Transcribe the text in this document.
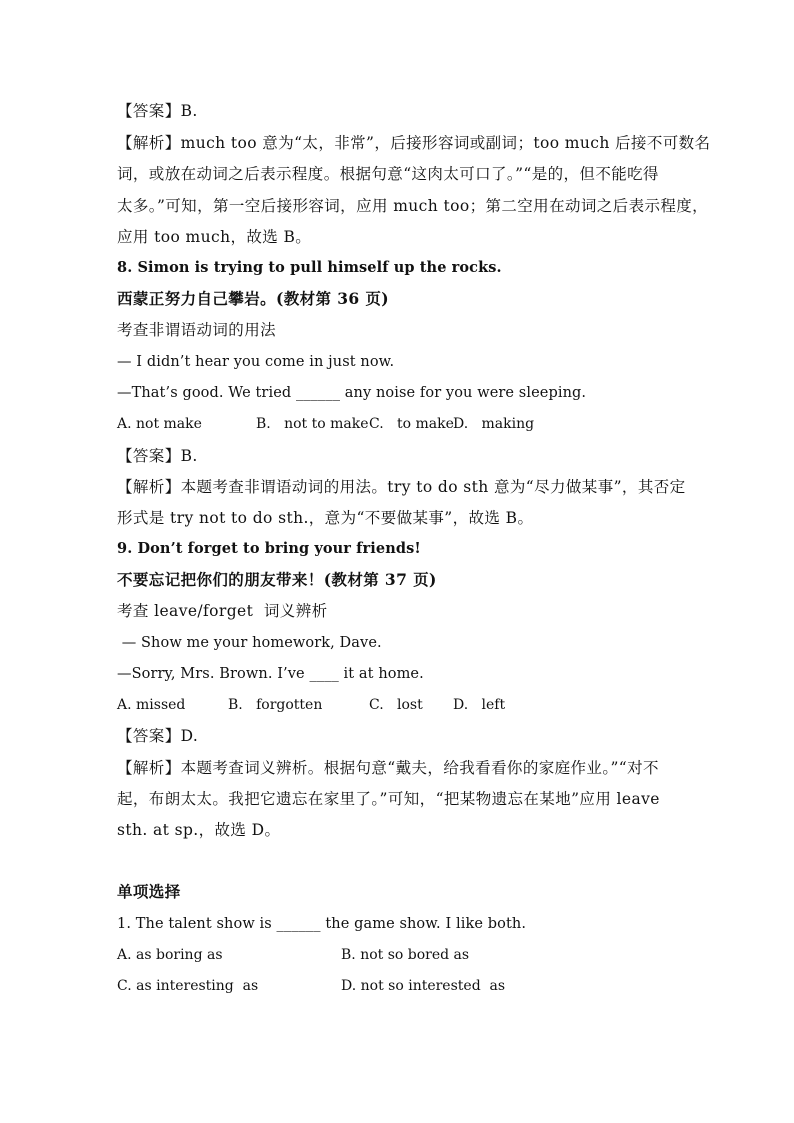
【答案】B.
【解析】much too 意为“太，非常”，后接形容词或副词；too much 后接不可数名
词，或放在动词之后表示程度。根据句意“这肉太可口了。”“是的，但不能吃得
太多。”可知，第一空后接形容词，应用 much too；第二空用在动词之后表示程度，
应用 too much，故选 B。
8. Simon is trying to pull himself up the rocks.
西蒙正努力自己攀岩。(教材第 36 页)
考查非谓语动词的用法
— I didn’t hear you come in just now.
—That’s good. We tried ______ any noise for you were sleeping.
A. not make	B.   not to make C.   to make D.   making
【答案】B.
【解析】本题考查非谓语动词的用法。try to do sth 意为“尽力做某事”，其否定
形式是 try not to do sth.，意为“不要做某事”，故选 B。
9. Don’t forget to bring your friends!
不要忘记把你们的朋友带来！(教材第 37 页)
考查 leave/forget  词义辨析
— Show me your homework, Dave.
—Sorry, Mrs. Brown. I’ve ____ it at home.
A. missed	B.   forgotten	C.   lost D.   left
【答案】D.
【解析】本题考查词义辨析。根据句意“戴夫，给我看看你的家庭作业。”“对不
起，布朗太太。我把它遗忘在家里了。”可知，“把某物遗忘在某地”应用 leave
sth. at sp.，故选 D。
单项选择
1. The talent show is ______ the game show. I like both.
A. as boring as	B. not so bored as
C. as interesting  as	D. not so interested  as
